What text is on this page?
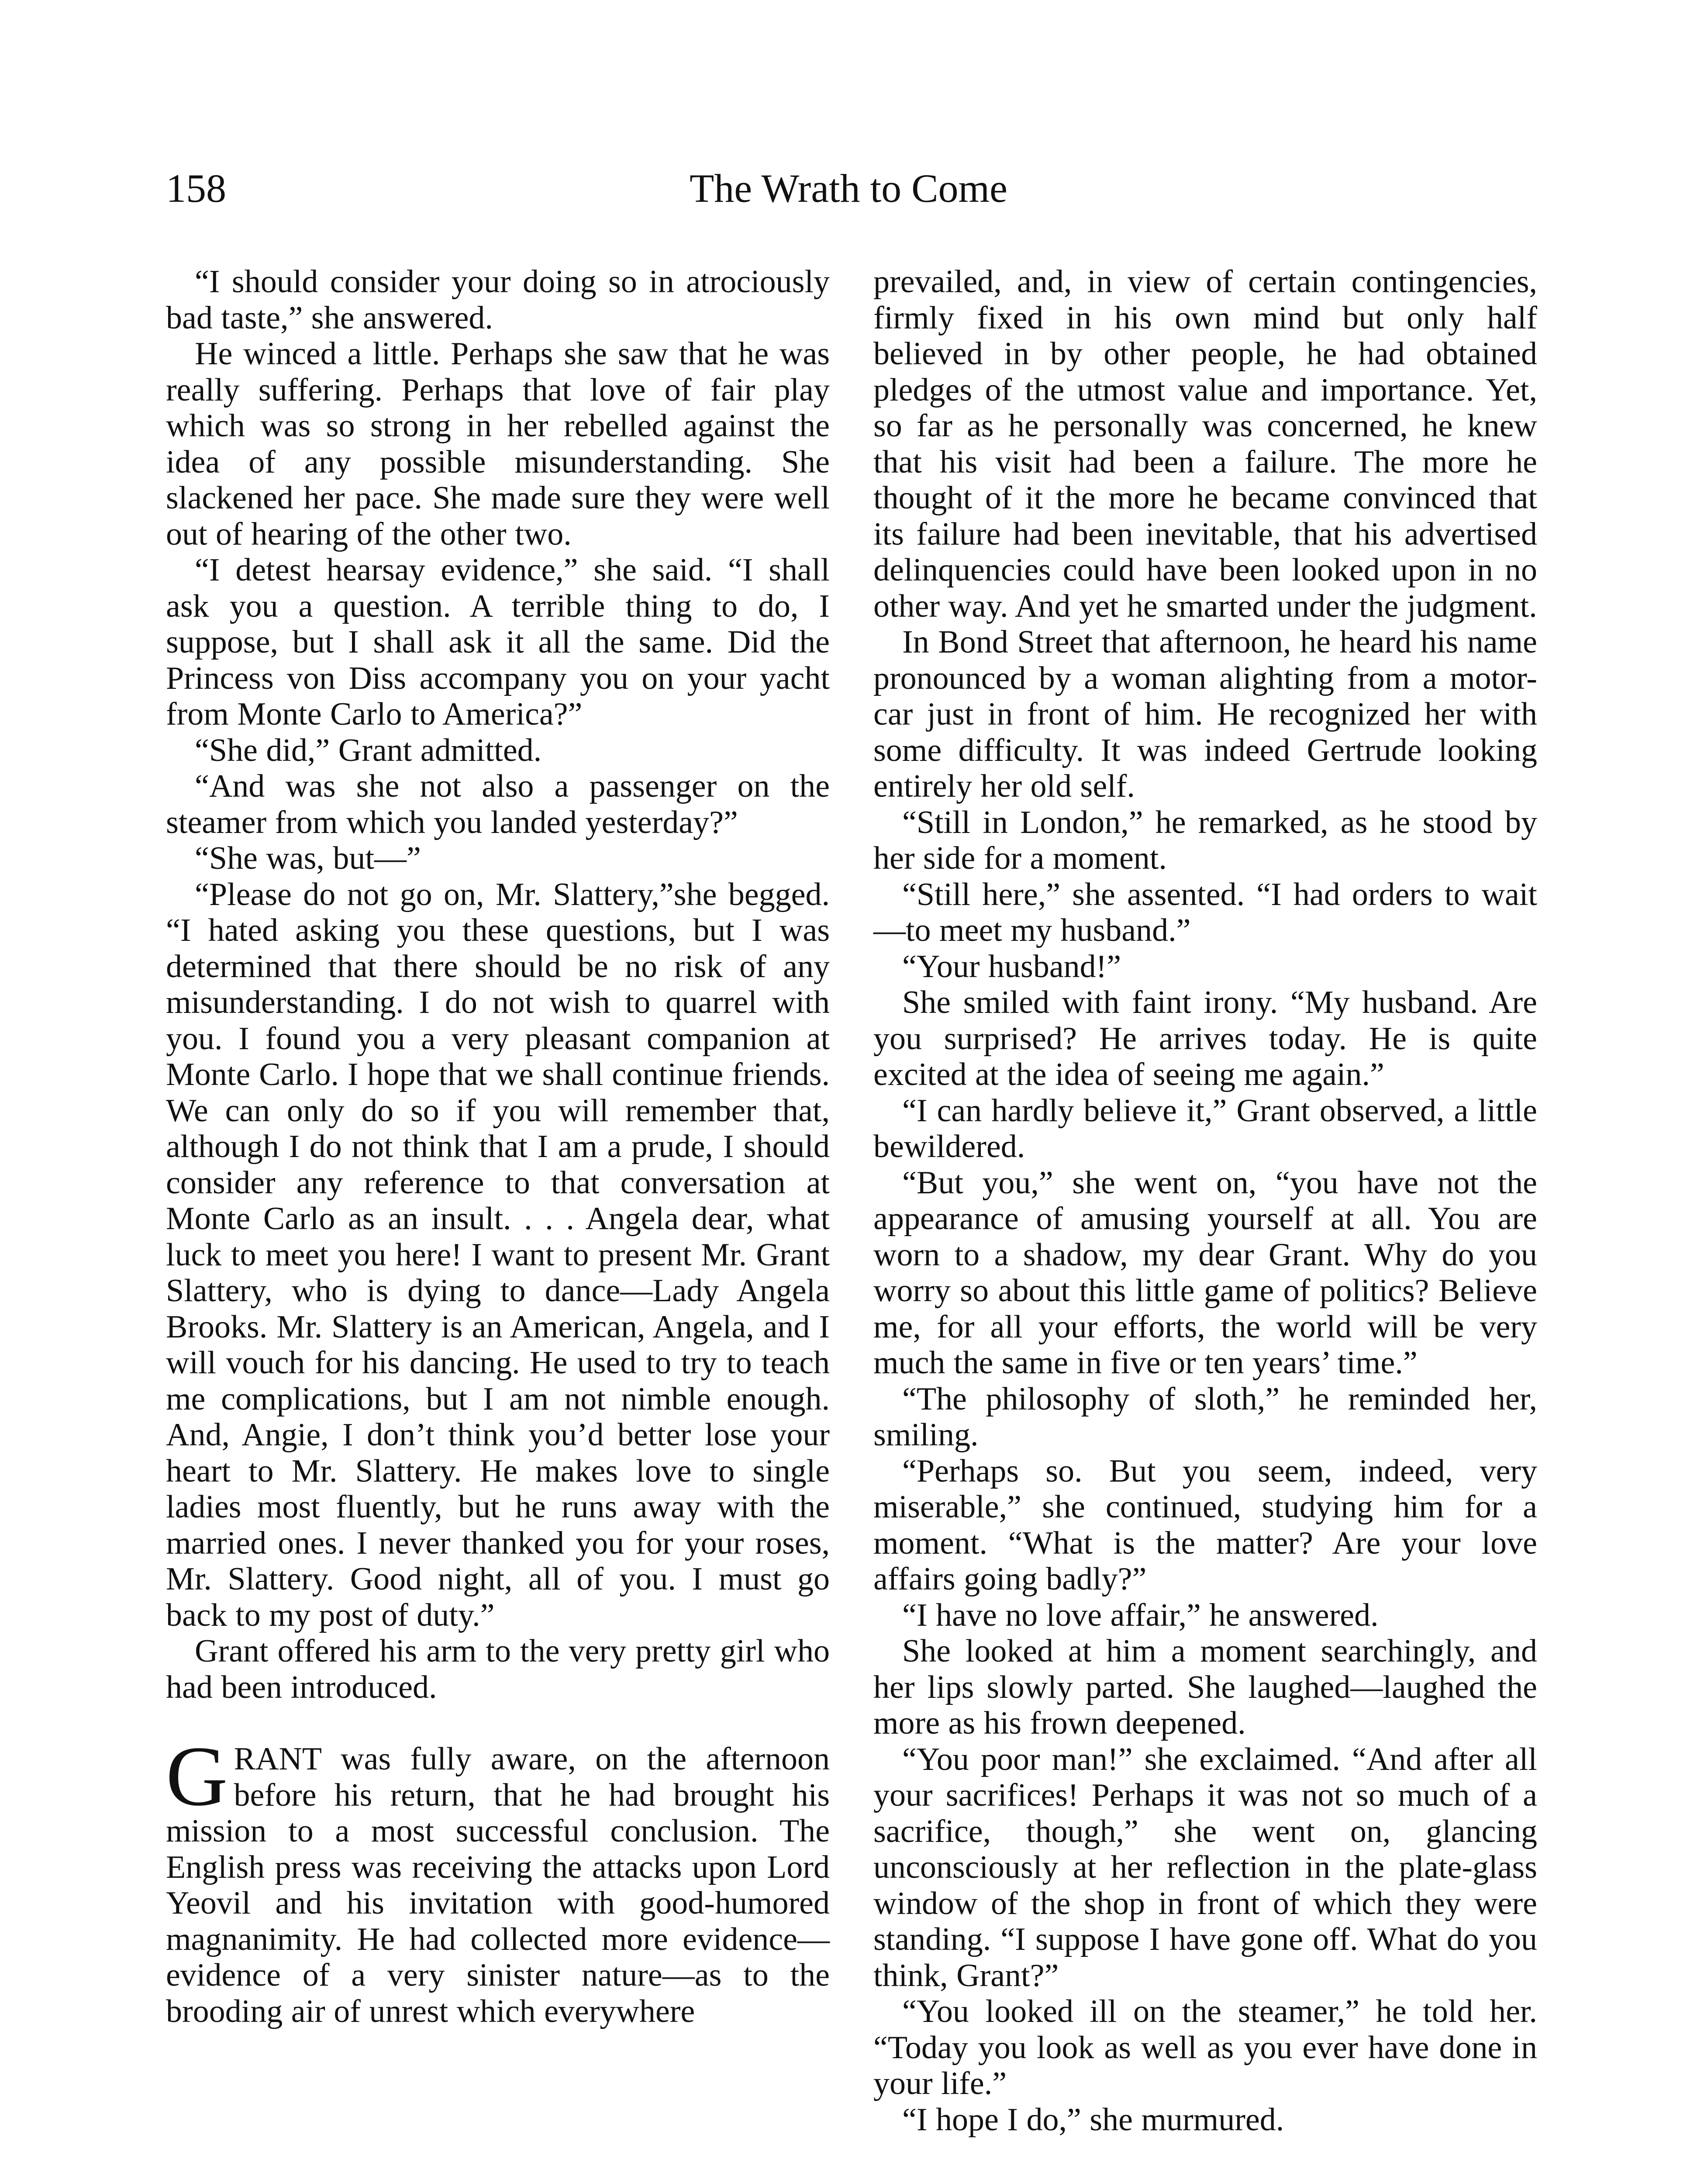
158	The Wrath to Come

“I should consider your doing so in atrociously bad taste,” she answered.

He winced a little. Perhaps she saw that he was really suffering. Perhaps that love of fair play which was so strong in her rebelled against the idea of any possible misunderstanding. She slackened her pace. She made sure they were well out of hearing of the other two.

“I detest hearsay evidence,” she said. “I shall ask you a question. A terrible thing to do, I suppose, but I shall ask it all the same. Did the Princess von Diss accompany you on your yacht from Monte Carlo to America?”

“She did,” Grant admitted.

“And was she not also a passenger on the steamer from which you landed yesterday?”

“She was, but—”

“Please do not go on, Mr. Slattery,”she begged. “I hated asking you these questions, but I was determined that there should be no risk of any misunderstanding. I do not wish to quarrel with you. I found you a very pleasant companion at Monte Carlo. I hope that we shall continue friends. We can only do so if you will remember that, although I do not think that I am a prude, I should consider any reference to that conversation at Monte Carlo as an insult. . . . Angela dear, what luck to meet you here! I want to present Mr. Grant Slattery, who is dying to dance—Lady Angela Brooks. Mr. Slattery is an American, Angela, and I will vouch for his dancing. He used to try to teach me complications, but I am not nimble enough. And, Angie, I don’t think you’d better lose your heart to Mr. Slattery. He makes love to single ladies most fluently, but he runs away with the married ones. I never thanked you for your roses, Mr. Slattery. Good night, all of you. I must go back to my post of duty.”

Grant offered his arm to the very pretty girl who had been introduced.

GRANT was fully aware, on the afternoon before his return, that he had brought his mission to a most successful conclusion. The English press was receiving the attacks upon Lord Yeovil and his invitation with good-humored magnanimity. He had collected more evidence—evidence of a very sinister nature—as to the brooding air of unrest which everywhere

prevailed, and, in view of certain contingencies, firmly fixed in his own mind but only half believed in by other people, he had obtained pledges of the utmost value and importance. Yet, so far as he personally was concerned, he knew that his visit had been a failure. The more he thought of it the more he became convinced that its failure had been inevitable, that his advertised delinquencies could have been looked upon in no other way. And yet he smarted under the judgment.

In Bond Street that afternoon, he heard his name pronounced by a woman alighting from a motor-car just in front of him. He recognized her with some difficulty. It was indeed Gertrude looking entirely her old self.

“Still in London,” he remarked, as he stood by her side for a moment.

“Still here,” she assented. “I had orders to wait—to meet my husband.”

“Your husband!”

She smiled with faint irony. “My husband. Are you surprised? He arrives today. He is quite excited at the idea of seeing me again.”

“I can hardly believe it,” Grant observed, a little bewildered.

“But you,” she went on, “you have not the appearance of amusing yourself at all. You are worn to a shadow, my dear Grant. Why do you worry so about this little game of politics? Believe me, for all your efforts, the world will be very much the same in five or ten years’ time.”

“The philosophy of sloth,” he reminded her, smiling.

“Perhaps so. But you seem, indeed, very miserable,” she continued, studying him for a moment. “What is the matter? Are your love affairs going badly?”

“I have no love affair,” he answered.

She looked at him a moment searchingly, and her lips slowly parted. She laughed—laughed the more as his frown deepened.

“You poor man!” she exclaimed. “And after all your sacrifices! Perhaps it was not so much of a sacrifice, though,” she went on, glancing unconsciously at her reflection in the plate-glass window of the shop in front of which they were standing. “I suppose I have gone off. What do you think, Grant?”

“You looked ill on the steamer,” he told her. “Today you look as well as you ever have done in your life.”

“I hope I do,” she murmured.
